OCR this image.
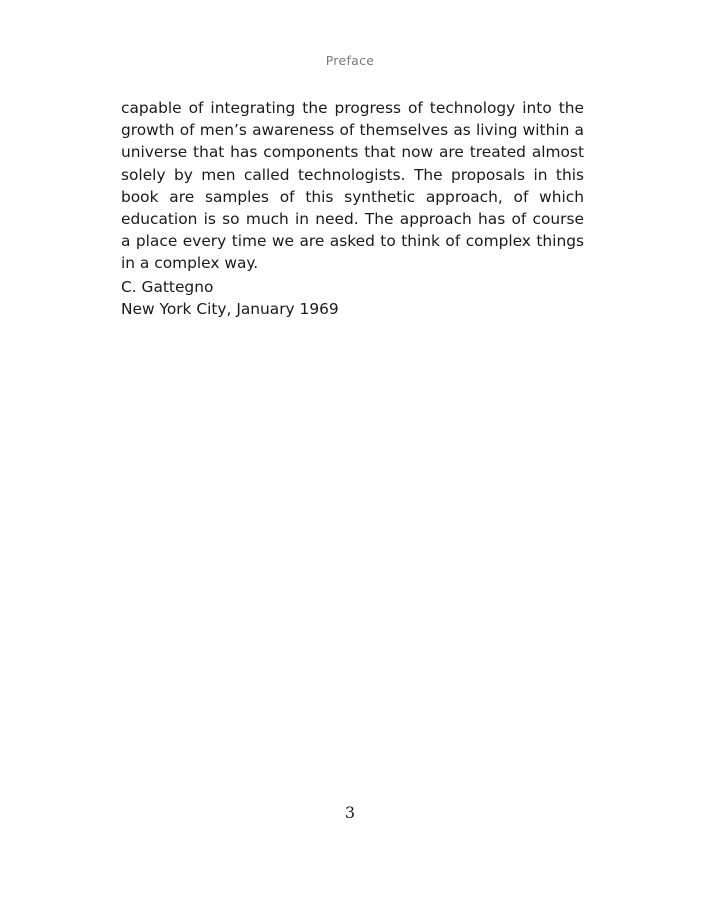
Preface

capable of integrating the progress of technology into the growth of men’s awareness of themselves as living within a universe that has components that now are treated almost solely by men called technologists. The proposals in this book are samples of this synthetic approach, of which education is so much in need. The approach has of course a place every time we are asked to think of complex things in a complex way.

C. Gattegno
New York City, January 1969
3
